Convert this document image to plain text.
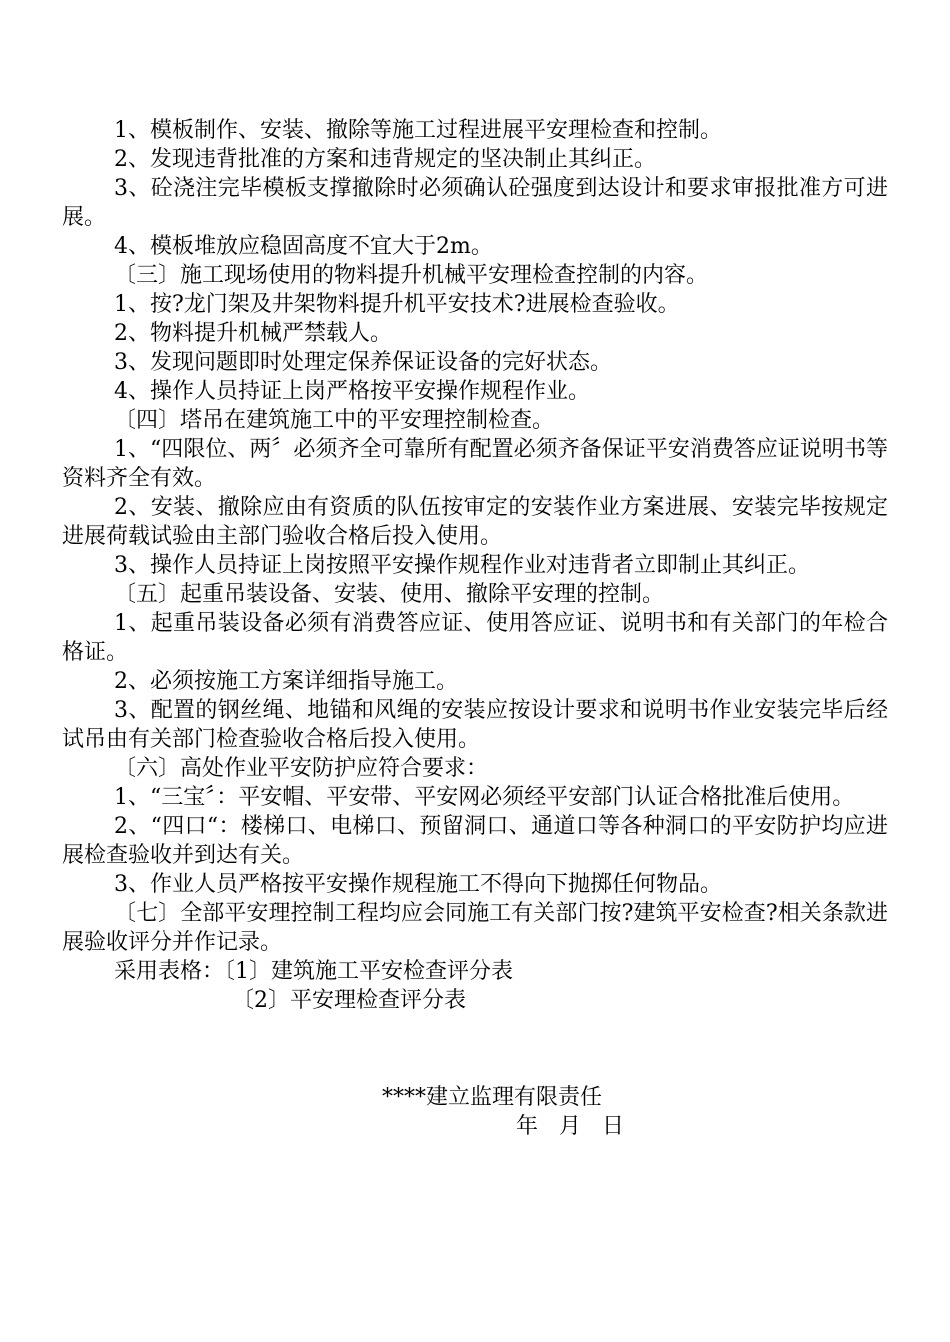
1、模板制作、安装、撤除等施工过程进展平安理检查和控制。

2、发现违背批准的方案和违背规定的坚决制止其纠正。

3、砼浇注完毕模板支撑撤除时必须确认砼强度到达设计和要求审报批准方可进展。

4、模板堆放应稳固高度不宜大于2m。

〔三〕施工现场使用的物料提升机械平安理检查控制的内容。

1、按?龙门架及井架物料提升机平安技术?进展检查验收。

2、物料提升机械严禁载人。

3、发现问题即时处理定保养保证设备的完好状态。

4、操作人员持证上岗严格按平安操作规程作业。

〔四〕塔吊在建筑施工中的平安理控制检查。

1、“四限位、两〞必须齐全可靠所有配置必须齐备保证平安消费答应证说明书等资料齐全有效。

2、安装、撤除应由有资质的队伍按审定的安装作业方案进展、安装完毕按规定进展荷载试验由主部门验收合格后投入使用。

3、操作人员持证上岗按照平安操作规程作业对违背者立即制止其纠正。

〔五〕起重吊装设备、安装、使用、撤除平安理的控制。

1、起重吊装设备必须有消费答应证、使用答应证、说明书和有关部门的年检合格证。

2、必须按施工方案详细指导施工。

3、配置的钢丝绳、地锚和风绳的安装应按设计要求和说明书作业安装完毕后经试吊由有关部门检查验收合格后投入使用。

〔六〕高处作业平安防护应符合要求：

1、“三宝〞：平安帽、平安带、平安网必须经平安部门认证合格批准后使用。

2、“四口“：楼梯口、电梯口、预留洞口、通道口等各种洞口的平安防护均应进展检查验收并到达有关。

3、作业人员严格按平安操作规程施工不得向下抛掷任何物品。

〔七〕全部平安理控制工程均应会同施工有关部门按?建筑平安检查?相关条款进展验收评分并作记录。

采用表格：〔1〕建筑施工平安检查评分表

〔2〕平安理检查评分表

****建立监理有限责任
年   月   日
